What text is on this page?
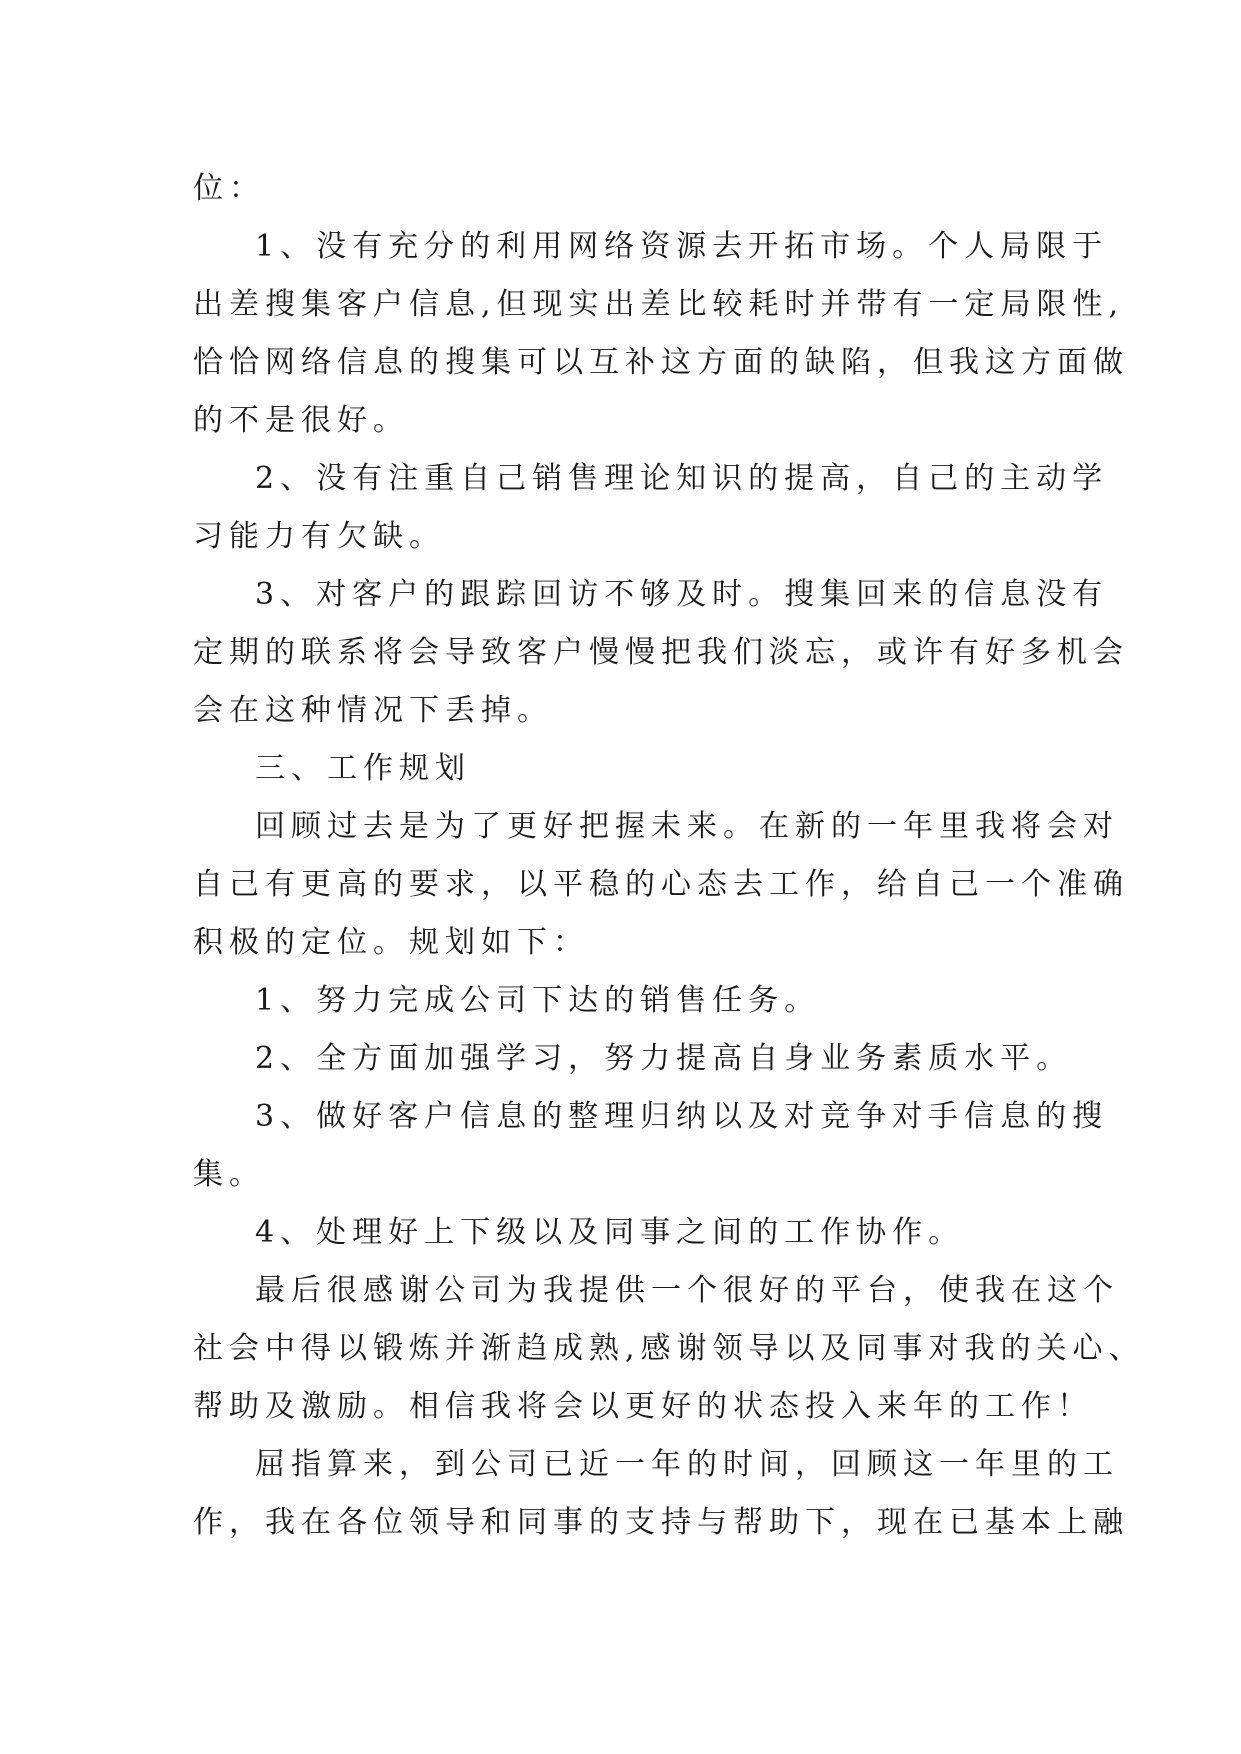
位：
1、没有充分的利用网络资源去开拓市场。个人局限于
出差搜集客户信息,但现实出差比较耗时并带有一定局限性,
恰恰网络信息的搜集可以互补这方面的缺陷，但我这方面做
的不是很好。
2、没有注重自己销售理论知识的提高，自己的主动学
习能力有欠缺。
3、对客户的跟踪回访不够及时。搜集回来的信息没有
定期的联系将会导致客户慢慢把我们淡忘，或许有好多机会
会在这种情况下丢掉。
三、工作规划
回顾过去是为了更好把握未来。在新的一年里我将会对
自己有更高的要求，以平稳的心态去工作，给自己一个准确
积极的定位。规划如下：
1、努力完成公司下达的销售任务。
2、全方面加强学习，努力提高自身业务素质水平。
3、做好客户信息的整理归纳以及对竞争对手信息的搜
集。
4、处理好上下级以及同事之间的工作协作。
最后很感谢公司为我提供一个很好的平台，使我在这个
社会中得以锻炼并渐趋成熟,感谢领导以及同事对我的关心、
帮助及激励。相信我将会以更好的状态投入来年的工作！
屈指算来，到公司已近一年的时间，回顾这一年里的工
作，我在各位领导和同事的支持与帮助下，现在已基本上融
